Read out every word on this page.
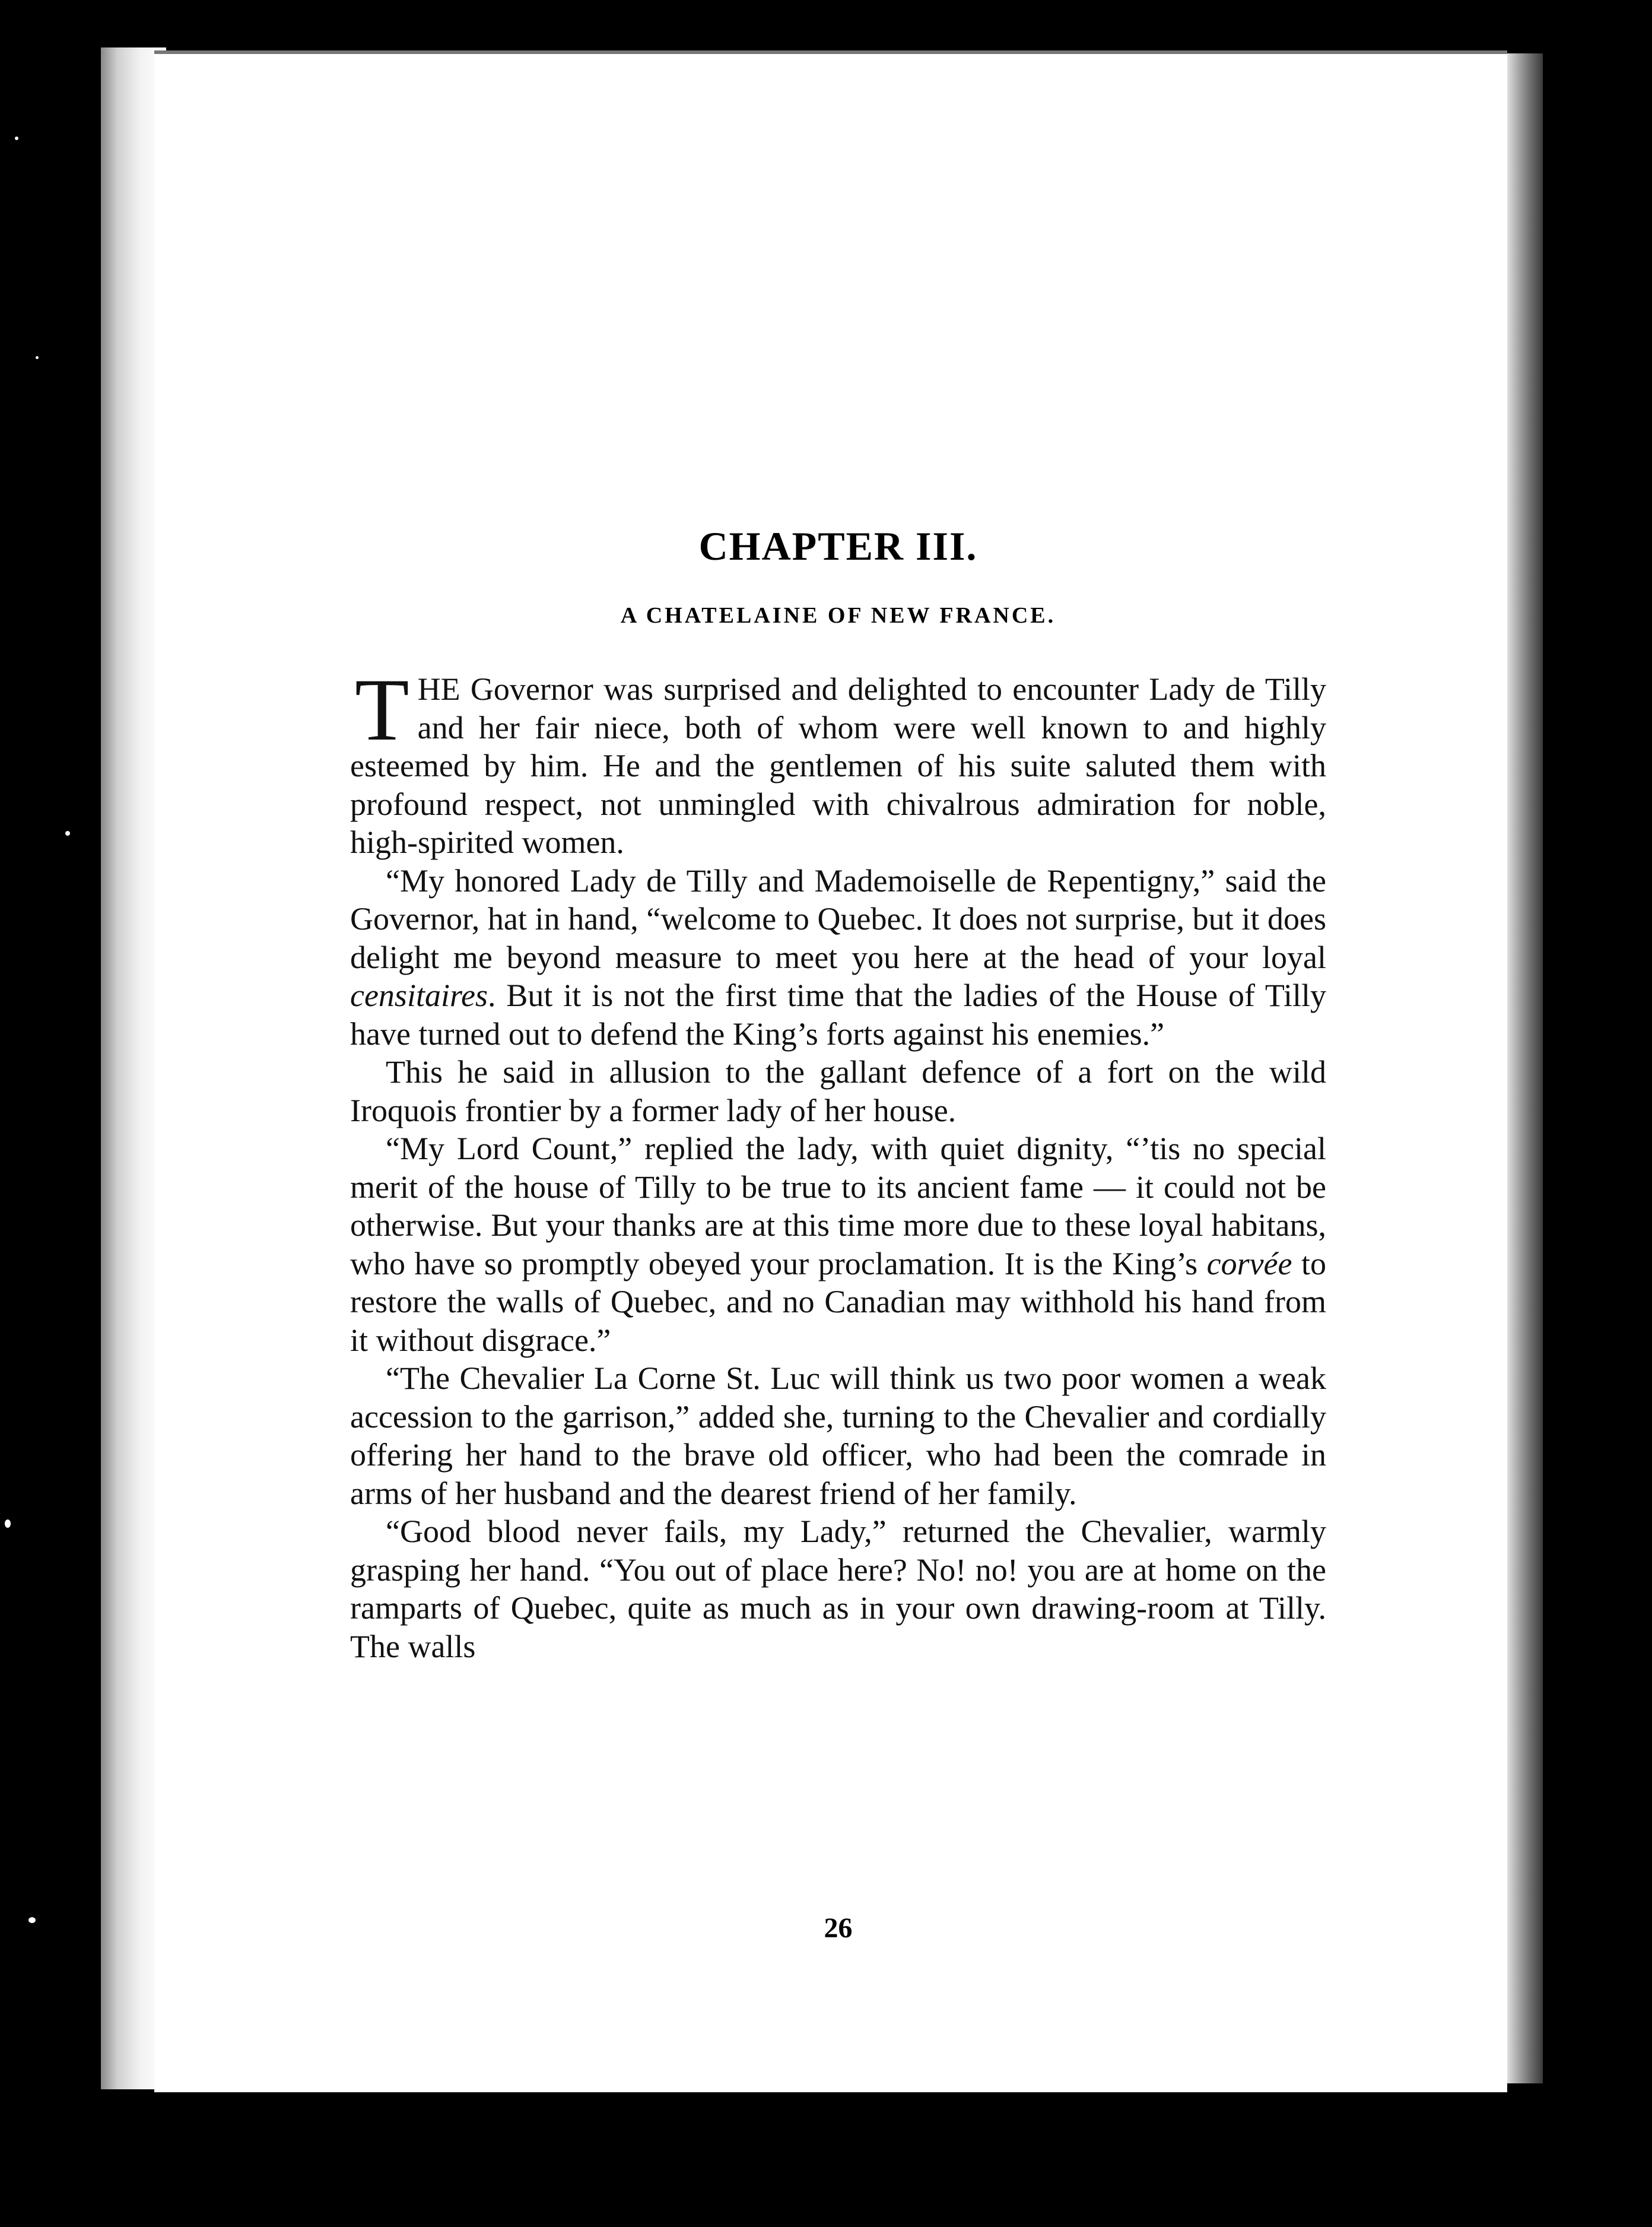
CHAPTER III.
A CHATELAINE OF NEW FRANCE.

THE Governor was surprised and delighted to encounter Lady de Tilly and her fair niece, both of whom were well known to and highly esteemed by him. He and the gentlemen of his suite saluted them with profound respect, not unmingled with chivalrous admiration for noble, high-spirited women.

“My honored Lady de Tilly and Mademoiselle de Repentigny,” said the Governor, hat in hand, “welcome to Quebec. It does not surprise, but it does delight me beyond measure to meet you here at the head of your loyal censitaires. But it is not the first time that the ladies of the House of Tilly have turned out to defend the King’s forts against his enemies.”

This he said in allusion to the gallant defence of a fort on the wild Iroquois frontier by a former lady of her house.

“My Lord Count,” replied the lady, with quiet dignity, “’tis no special merit of the house of Tilly to be true to its ancient fame — it could not be otherwise. But your thanks are at this time more due to these loyal habitans, who have so promptly obeyed your proclamation. It is the King’s corvée to restore the walls of Quebec, and no Canadian may withhold his hand from it without disgrace.”

“The Chevalier La Corne St. Luc will think us two poor women a weak accession to the garrison,” added she, turning to the Chevalier and cordially offering her hand to the brave old officer, who had been the comrade in arms of her husband and the dearest friend of her family.

“Good blood never fails, my Lady,” returned the Chevalier, warmly grasping her hand. “You out of place here? No! no! you are at home on the ramparts of Quebec, quite as much as in your own drawing-room at Tilly. The walls

26
